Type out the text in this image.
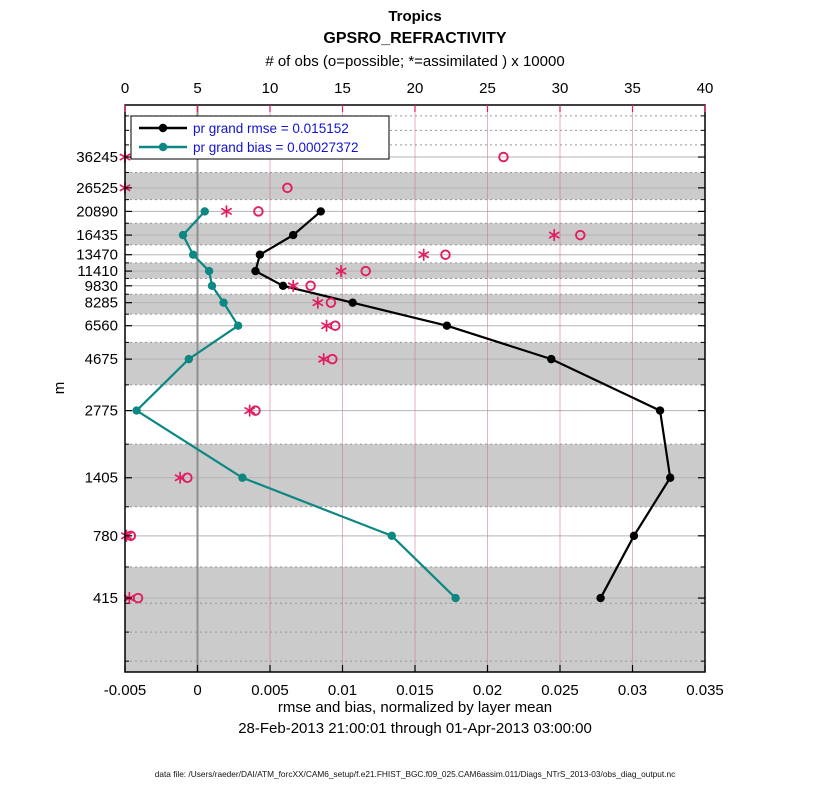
-0.005	0	0.005	0.01	0.015	0.02	0.025	0.03	0.035
0	5	10	15	20	25	30	35	40
36245
26525
20890
16435
13470
11410
9830
8285
6560
4675
2775
1405
780
415
Tropics
GPSRO_REFRACTIVITY
# of obs (o=possible; *=assimilated ) x 10000
m
rmse and bias, normalized by layer mean
28-Feb-2013 21:00:01 through 01-Apr-2013 03:00:00
data file: /Users/raeder/DAI/ATM_forcXX/CAM6_setup/f.e21.FHIST_BGC.f09_025.CAM6assim.011/Diags_NTrS_2013-03/obs_diag_output.nc
pr grand rmse = 0.015152
pr grand bias = 0.00027372
